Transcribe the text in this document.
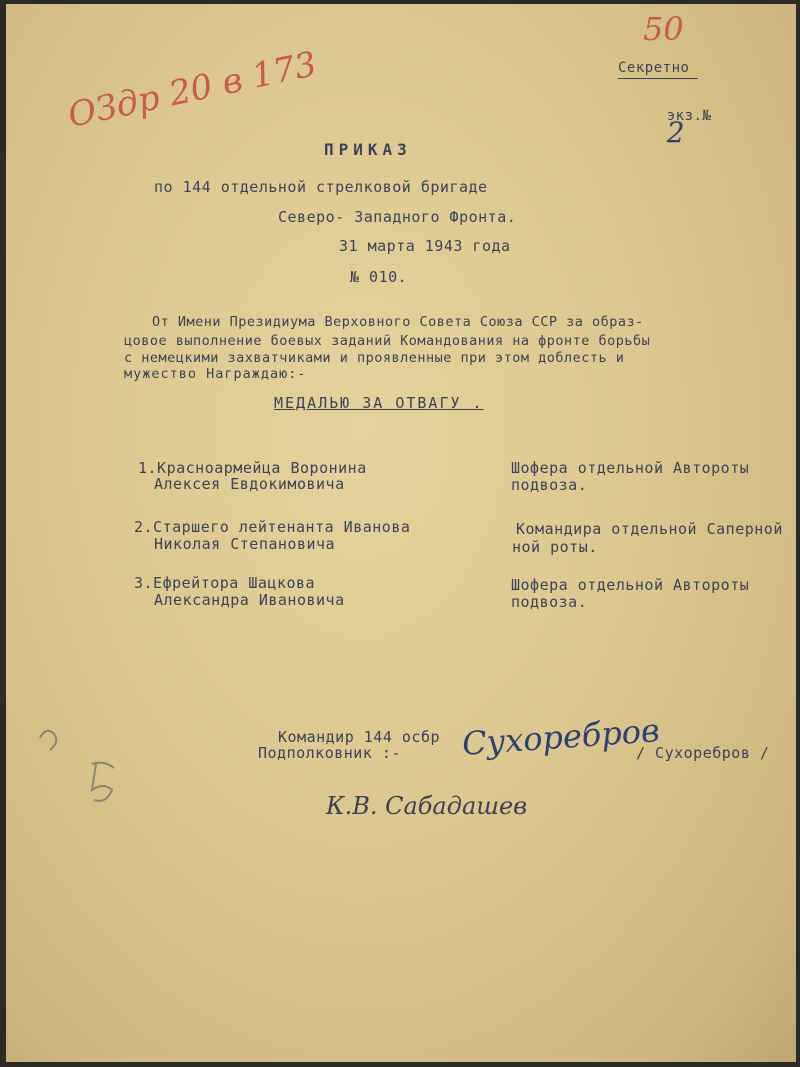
ОЗдр 20 в 173
50
Секретно

экз.№
2

ПРИКАЗ
по 144 отдельной стрелковой бригаде
Северо- Западного Фронта.
31 марта 1943 года
№ 010.
От Имени Президиума Верховного Совета Союза ССР за образ-
цовое выполнение боевых заданий Командования на фронте борьбы
с немецкими захватчиками и проявленные при этом доблесть и
мужество Награждаю:-
МЕДАЛЬЮ ЗА ОТВАГУ .
1.Красноармейца Воронина
Алексея Евдокимовича
Шофера отдельной Автороты
подвоза.
2.Старшего лейтенанта Иванова
Николая Степановича
Командира отдельной Саперной
ной роты.
3.Ефрейтора Шацкова
Александра Ивановича
Шофера отдельной Автороты
подвоза.
Командир 144 осбр
Подполковник :- Сухоребров
/ Сухоребров /
К.В. Сабадашев
